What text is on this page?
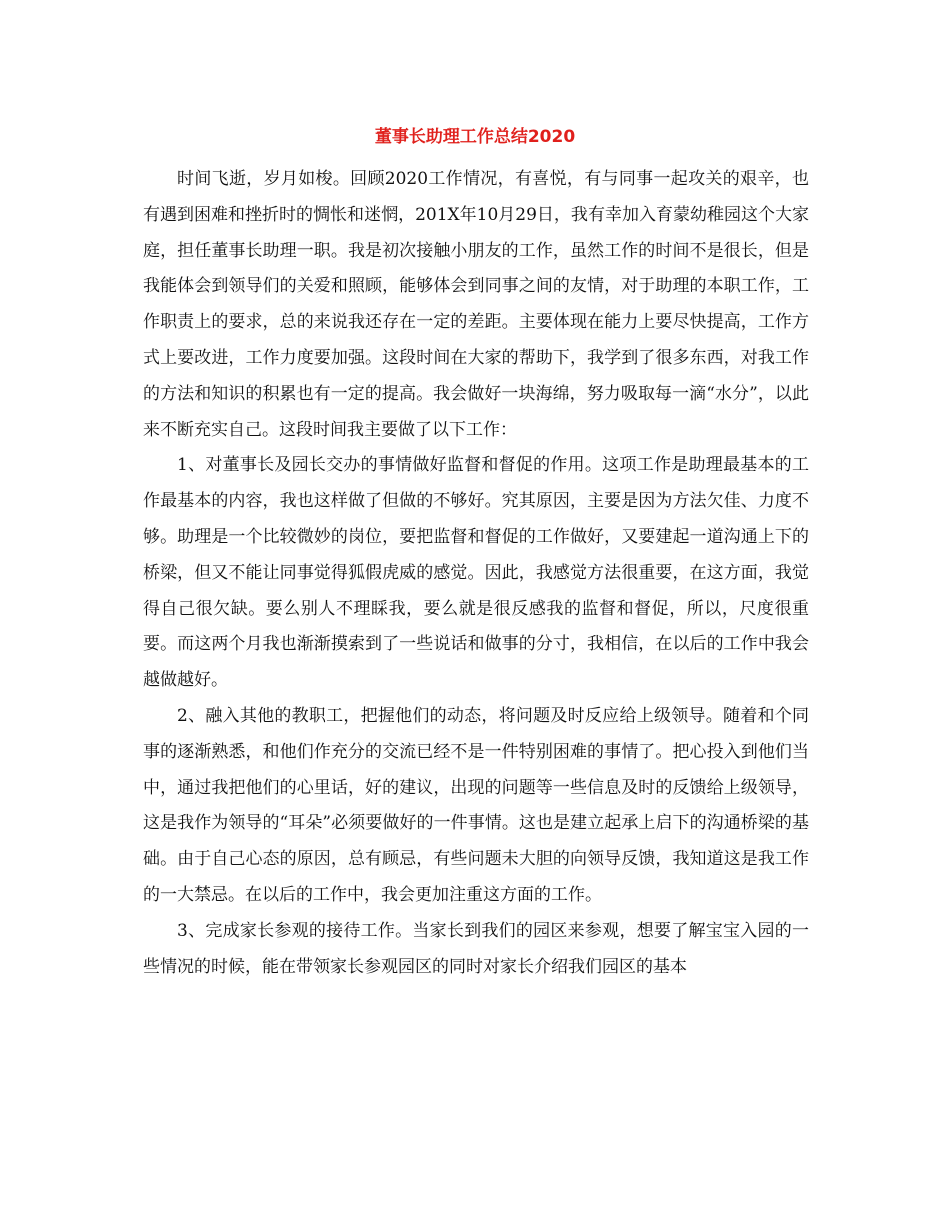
董事长助理工作总结2020

时间飞逝，岁月如梭。回顾2020工作情况，有喜悦，有与同事一起攻关的艰辛，也有遇到困难和挫折时的惆怅和迷惘，201X年10月29日，我有幸加入育蒙幼稚园这个大家庭，担任董事长助理一职。我是初次接触小朋友的工作，虽然工作的时间不是很长，但是我能体会到领导们的关爱和照顾，能够体会到同事之间的友情，对于助理的本职工作，工作职责上的要求，总的来说我还存在一定的差距。主要体现在能力上要尽快提高，工作方式上要改进，工作力度要加强。这段时间在大家的帮助下，我学到了很多东西，对我工作的方法和知识的积累也有一定的提高。我会做好一块海绵，努力吸取每一滴“水分”，以此来不断充实自己。这段时间我主要做了以下工作：

1、对董事长及园长交办的事情做好监督和督促的作用。这项工作是助理最基本的工作最基本的内容，我也这样做了但做的不够好。究其原因，主要是因为方法欠佳、力度不够。助理是一个比较微妙的岗位，要把监督和督促的工作做好，又要建起一道沟通上下的桥梁，但又不能让同事觉得狐假虎威的感觉。因此，我感觉方法很重要，在这方面，我觉得自己很欠缺。要么别人不理睬我，要么就是很反感我的监督和督促，所以，尺度很重要。而这两个月我也渐渐摸索到了一些说话和做事的分寸，我相信，在以后的工作中我会越做越好。

2、融入其他的教职工，把握他们的动态，将问题及时反应给上级领导。随着和个同事的逐渐熟悉，和他们作充分的交流已经不是一件特别困难的事情了。把心投入到他们当中，通过我把他们的心里话，好的建议，出现的问题等一些信息及时的反馈给上级领导，这是我作为领导的“耳朵”必须要做好的一件事情。这也是建立起承上启下的沟通桥梁的基础。由于自己心态的原因，总有顾忌，有些问题未大胆的向领导反馈，我知道这是我工作的一大禁忌。在以后的工作中，我会更加注重这方面的工作。

3、完成家长参观的接待工作。当家长到我们的园区来参观，想要了解宝宝入园的一些情况的时候，能在带领家长参观园区的同时对家长介绍我们园区的基本
